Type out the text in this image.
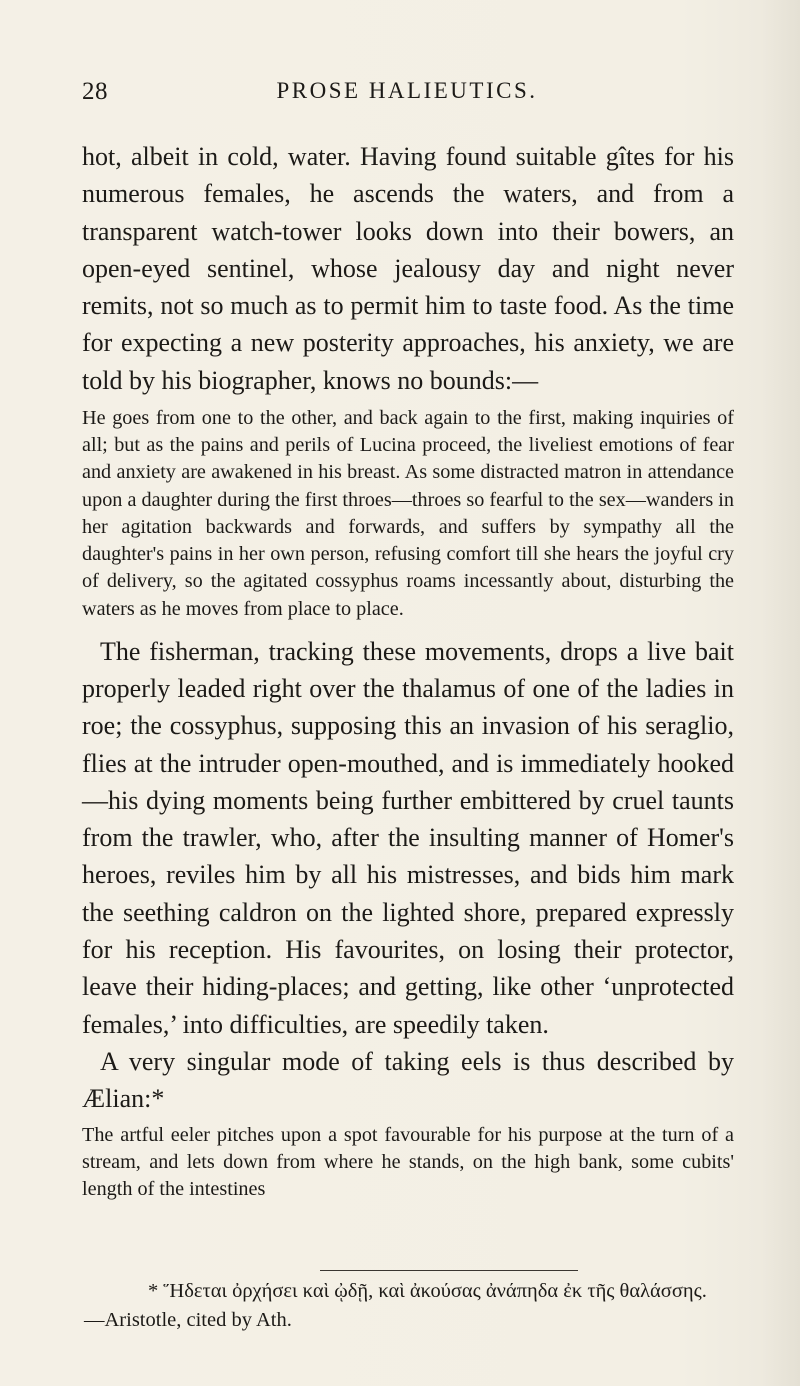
28	PROSE HALIEUTICS.

hot, albeit in cold, water. Having found suitable gîtes for his numerous females, he ascends the waters, and from a transparent watch-tower looks down into their bowers, an open-eyed sentinel, whose jealousy day and night never remits, not so much as to permit him to taste food. As the time for expecting a new posterity approaches, his anxiety, we are told by his biographer, knows no bounds:—

He goes from one to the other, and back again to the first, making inquiries of all; but as the pains and perils of Lucina proceed, the liveliest emotions of fear and anxiety are awakened in his breast. As some distracted matron in attendance upon a daughter during the first throes—throes so fearful to the sex—wanders in her agitation backwards and forwards, and suffers by sympathy all the daughter's pains in her own person, refusing comfort till she hears the joyful cry of delivery, so the agitated cossyphus roams incessantly about, disturbing the waters as he moves from place to place.

The fisherman, tracking these movements, drops a live bait properly leaded right over the thalamus of one of the ladies in roe; the cossyphus, supposing this an invasion of his seraglio, flies at the intruder open-mouthed, and is immediately hooked—his dying moments being further embittered by cruel taunts from the trawler, who, after the insulting manner of Homer's heroes, reviles him by all his mistresses, and bids him mark the seething caldron on the lighted shore, prepared expressly for his reception. His favourites, on losing their protector, leave their hiding-places; and getting, like other ‘unprotected females,’ into difficulties, are speedily taken.

A very singular mode of taking eels is thus described by Ælian:*

The artful eeler pitches upon a spot favourable for his purpose at the turn of a stream, and lets down from where he stands, on the high bank, some cubits' length of the intestines

* Ἥδεται ὀρχήσει καὶ ᾠδῇ, καὶ ἀκούσας ἀνάπηδα ἐκ τῆς θαλάσσης.

—Aristotle, cited by Ath.
